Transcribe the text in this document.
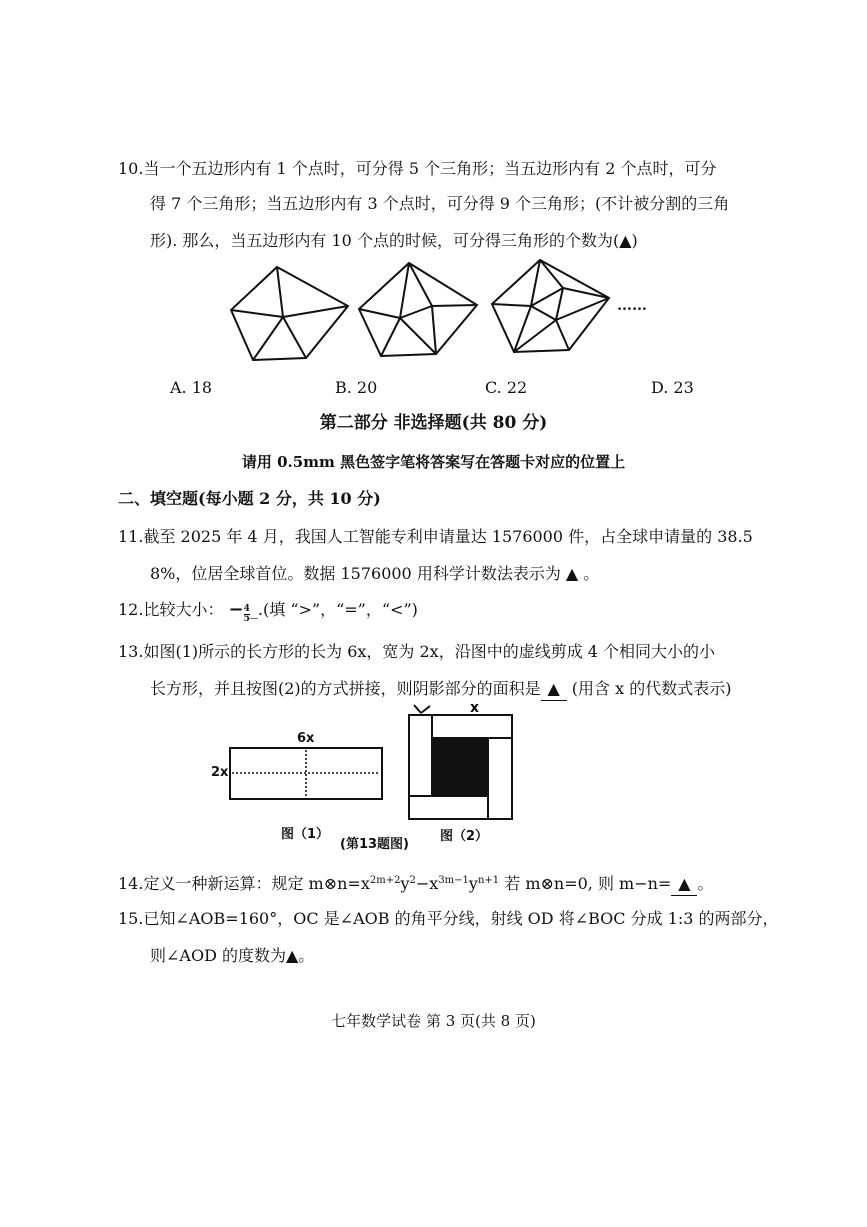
10.当一个五边形内有 1 个点时，可分得 5 个三角形；当五边形内有 2 个点时，可分
得 7 个三角形；当五边形内有 3 个点时，可分得 9 个三角形；(不计被分割的三角
形). 那么，当五边形内有 10 个点的时候，可分得三角形的个数为(▲)
……
A. 18	B. 20	C. 22	D. 23
第二部分 非选择题(共 80 分)
请用 0.5mm 黑色签字笔将答案写在答题卡对应的位置上
二、填空题(每小题 2 分，共 10 分)
11.截至 2025 年 4 月，我国人工智能专利申请量达 1576000 件，占全球申请量的 38.5
8%，位居全球首位。数据 1576000 用科学计数法表示为 ▲ 。
12.比较大小： − $\frac{4}{5}$ _.(填 “>”，“=”，“<”)
13.如图(1)所示的长方形的长为 6x，宽为 2x，沿图中的虚线剪成 4 个相同大小的小
长方形，并且按图(2)的方式拼接，则阴影部分的面积是 ▲ (用含 x 的代数式表示)
6x
2x
x
图（1）	图（2）
(第13题图)
14.定义一种新运算：规定 $m\otimes n=x^{2m+2}y^2-x^{3m-1}y^{n+1}$ 若 m⊗n=0, 则 m−n= ▲ 。
15.已知∠AOB=160°，OC 是∠AOB 的角平分线，射线 OD 将∠BOC 分成 1:3 的两部分，
则∠AOD 的度数为▲。
七年数学试卷 第 3 页(共 8 页)
